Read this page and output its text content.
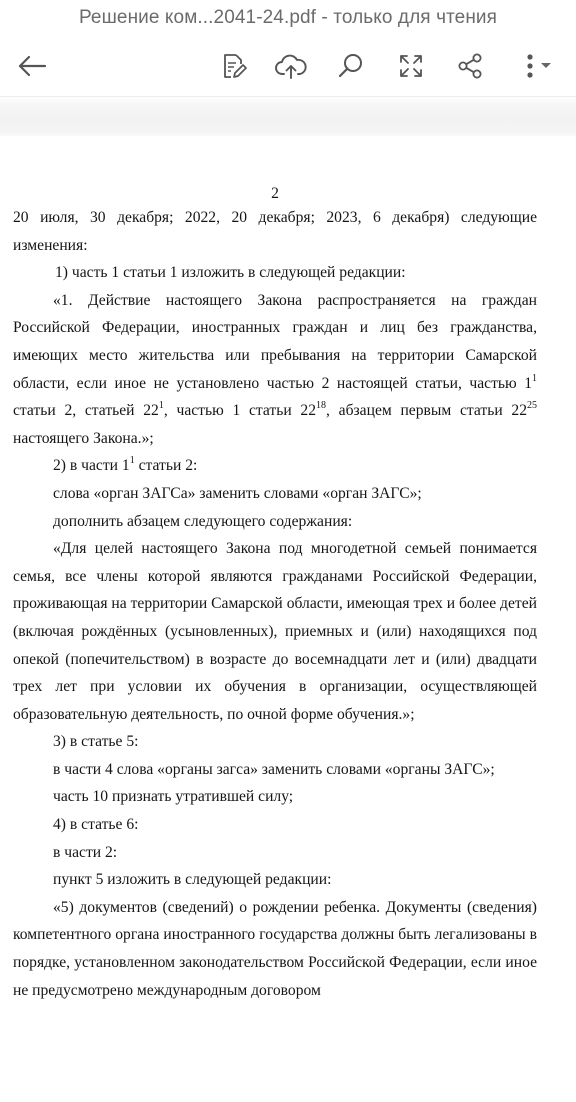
Решение ком...2041-24.pdf - только для чтения
2

20 июля, 30 декабря; 2022, 20 декабря; 2023, 6 декабря) следующие изменения:

1) часть 1 статьи 1 изложить в следующей редакции:

«1. Действие настоящего Закона распространяется на граждан Российской Федерации, иностранных граждан и лиц без гражданства, имеющих место жительства или пребывания на территории Самарской области, если иное не установлено частью 2 настоящей статьи, частью $1^1$ статьи 2, статьей $22^1$, частью 1 статьи $22^{18}$, абзацем первым статьи $22^{25}$ настоящего Закона.»;

2) в части $1^1$ статьи 2:

слова «орган ЗАГСа» заменить словами «орган ЗАГС»;

дополнить абзацем следующего содержания:

«Для целей настоящего Закона под многодетной семьей понимается семья, все члены которой являются гражданами Российской Федерации, проживающая на территории Самарской области, имеющая трех и более детей (включая рождённых (усыновленных), приемных и (или) находящихся под опекой (попечительством) в возрасте до восемнадцати лет и (или) двадцати трех лет при условии их обучения в организации, осуществляющей образовательную деятельность, по очной форме обучения.»;

3) в статье 5:

в части 4 слова «органы загса» заменить словами «органы ЗАГС»;

часть 10 признать утратившей силу;

4) в статье 6:

в части 2:

пункт 5 изложить в следующей редакции:

«5) документов (сведений) о рождении ребенка. Документы (сведения) компетентного органа иностранного государства должны быть легализованы в порядке, установленном законодательством Российской Федерации, если иное не предусмотрено международным договором
